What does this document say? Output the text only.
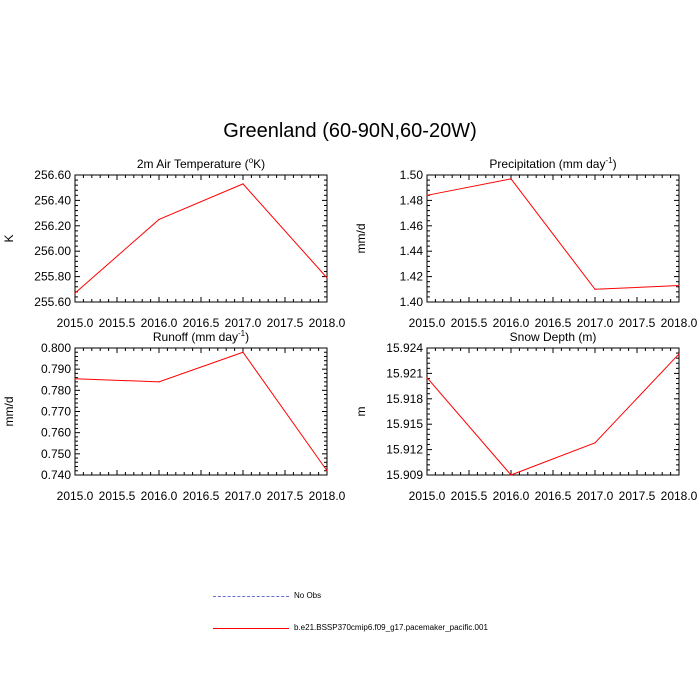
Greenland (60-90N,60-20W)
2015.0 2015.5 2016.0 2016.5 2017.0 2017.5 2018.0
255.60
255.80
256.00
256.20
256.40
256.60
K
2m Air Temperature ($^o$K)
2015.0 2015.5 2016.0 2016.5 2017.0 2017.5 2018.0
1.40
1.42
1.44
1.46
1.48
1.50
mm/d
Precipitation (mm day$^{-1}$)
2015.0 2015.5 2016.0 2016.5 2017.0 2017.5 2018.0
0.740
0.750
0.760
0.770
0.780
0.790
0.800
mm/d
Runoff (mm day$^{-1}$)
2015.0 2015.5 2016.0 2016.5 2017.0 2017.5 2018.0
15.909
15.912
15.915
15.918
15.921
15.924
m
Snow Depth (m)
No Obs
b.e21.BSSP370cmip6.f09_g17.pacemaker_pacific.001
